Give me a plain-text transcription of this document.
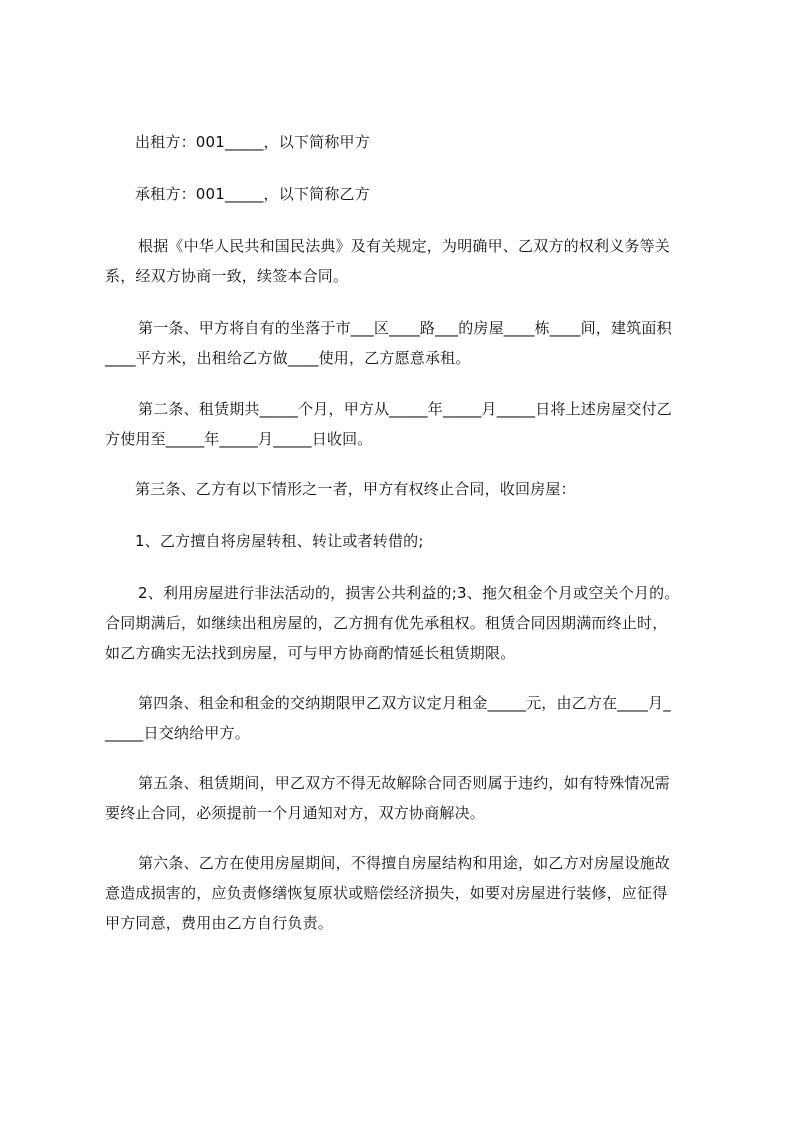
出租方：001_____，以下简称甲方
承租方：001_____，以下简称乙方
根据《中华人民共和国民法典》及有关规定，为明确甲、乙双方的权利义务等关
系，经双方协商一致，续签本合同。
第一条、甲方将自有的坐落于市___区____路___的房屋____栋____间，建筑面积
____平方米，出租给乙方做____使用，乙方愿意承租。
第二条、租赁期共_____个月，甲方从_____年_____月_____日将上述房屋交付乙
方使用至_____年_____月_____日收回。
第三条、乙方有以下情形之一者，甲方有权终止合同，收回房屋：
1、乙方擅自将房屋转租、转让或者转借的;
2、利用房屋进行非法活动的，损害公共利益的;3、拖欠租金个月或空关个月的。
合同期满后，如继续出租房屋的，乙方拥有优先承租权。租赁合同因期满而终止时，
如乙方确实无法找到房屋，可与甲方协商酌情延长租赁期限。
第四条、租金和租金的交纳期限甲乙双方议定月租金_____元，由乙方在____月_
_____日交纳给甲方。
第五条、租赁期间，甲乙双方不得无故解除合同否则属于违约，如有特殊情况需
要终止合同，必须提前一个月通知对方，双方协商解决。
第六条、乙方在使用房屋期间，不得擅自房屋结构和用途，如乙方对房屋设施故
意造成损害的，应负责修缮恢复原状或赔偿经济损失，如要对房屋进行装修，应征得
甲方同意，费用由乙方自行负责。
